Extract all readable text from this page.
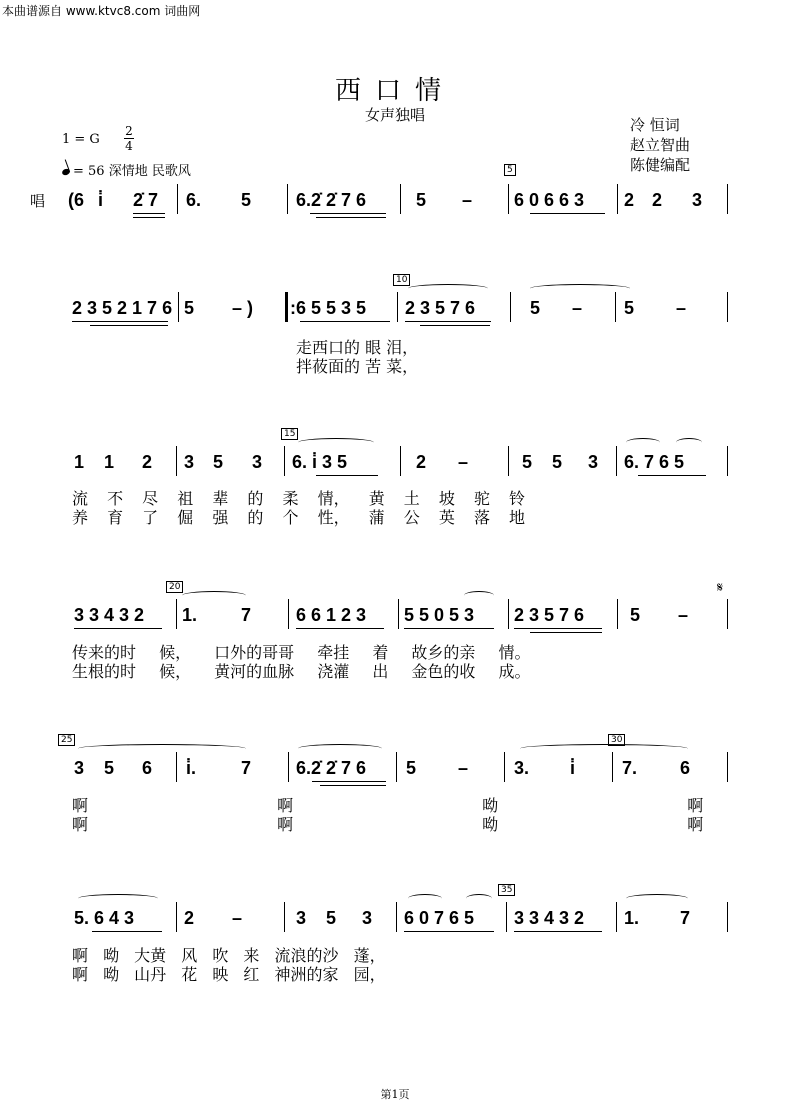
本曲谱源自 www.ktvc8.com 词曲网
西口情
女声独唱
冷 恒词
赵立智曲
陈健编配
1 = G
2
4
= 56 深情地 民歌风
唱
𝄋
(6 i̇ 2̇ 7 6. 5 6.2̇ 2̇ 7 6	5 –
5
6 0 6 6 3 2 2 3
2 3 5 2 1 7 6 5 – ) :6 5 5 3 5
10
2 3 5 7 6	5 – 5 –
走西口的 眼 泪，
拌莜面的 苦 菜，
1 1 2 3 5 3
15
6. i̇ 3 5	2 –	5 5 3 6. 7 6 5
流 不 尽 祖 辈 的 柔 情， 黄 土 坡 驼 铃
养 育 了 倔 强 的 个 性， 蒲 公 英 落 地
3 3 4 3 2
20
1. 7 6 6 1 2 3 5 5 0 5 3 2 3 5 7 6	5 –
传来的时 候， 口外的哥哥 牵挂 着 故乡的亲 情。
生根的时 候， 黄河的血脉 浇灌 出 金色的收 成。
25
3 5 6 i̇. 7 6.2̇ 2̇ 7 6 5 –
30
3. i̇	7. 6
啊 啊 呦 啊
啊 啊 呦 啊
5. 6 4 3	2 –	3 5 3 6 0 7 6 5
35
3 3 4 3 2 1. 7
啊 呦 大黄 风 吹 来 流浪的沙 蓬，
啊 呦 山丹 花 映 红 神洲的家 园，
第1页
